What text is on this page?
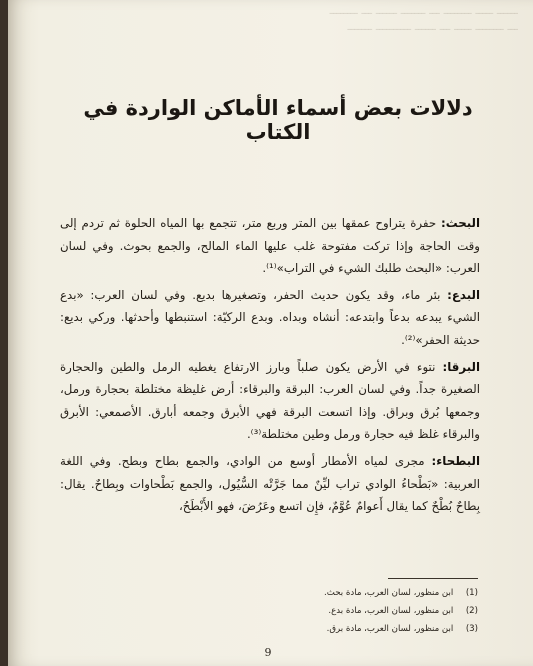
﻿ــــــ ـــــ ــــــــ ـــ ـــــــ ــــــ ـــ ــــــــ
ـــ ــــــــ ـــــ ـــ ــــــ ــــــــــ ـــــــ
دلالات بعض أسماء الأماكن الواردة في الكتاب

البحث: حفرة يتراوح عمقها بين المتر وربع متر، تتجمع بها المياه الحلوة ثم تردم إلى وقت الحاجة وإذا تركت مفتوحة غلب عليها الماء المالح، والجمع بحوث. وفي لسان العرب: «البحث طلبك الشيء في التراب»⁽¹⁾.

البدع: بئر ماء، وقد يكون حديث الحفر، وتصغيرها بديع. وفي لسان العرب: «بدع الشيء يبدعه بدعاً وابتدعه: أنشاه وبداه. وبدع الركيّة: استنبطها وأحدثها. وركي بديع: حديثة الحفر»⁽²⁾.

البرقا: نتوء في الأرض يكون صلباً وبارز الارتفاع يغطيه الرمل والطين والحجارة الصغيرة جداً. وفي لسان العرب: البرقة والبرقاء: أرض غليظة مختلطة بحجارة ورمل، وجمعها بُرق وبراق. وإذا اتسعت البرقة فهي الأبرق وجمعه أبارق. الأصمعي: الأبرق والبرقاء غلظ فيه حجارة ورمل وطين مختلطة⁽³⁾.

البطحاء: مجرى لمياه الأمطار أوسع من الوادي، والجمع بطاح وبطح. وفي اللغة العربية: «بَطْحاءُ الوادي تراب ليِّنٌ مما جَرَّتْه السُّيُول، والجمع بَطْحاوات وبِطاحٌ. يقال: بِطاحٌ بُطْحٌ كما يقال أَعوامٌ عُوَّمٌ، فإِن اتسع وعَرُضَ، فهو الأَبْطَحُ،

(1) ابن منظور، لسان العرب، مادة بحث.
(2) ابن منظور، لسان العرب، مادة بدع.
(3) ابن منظور، لسان العرب، مادة برق.
9
